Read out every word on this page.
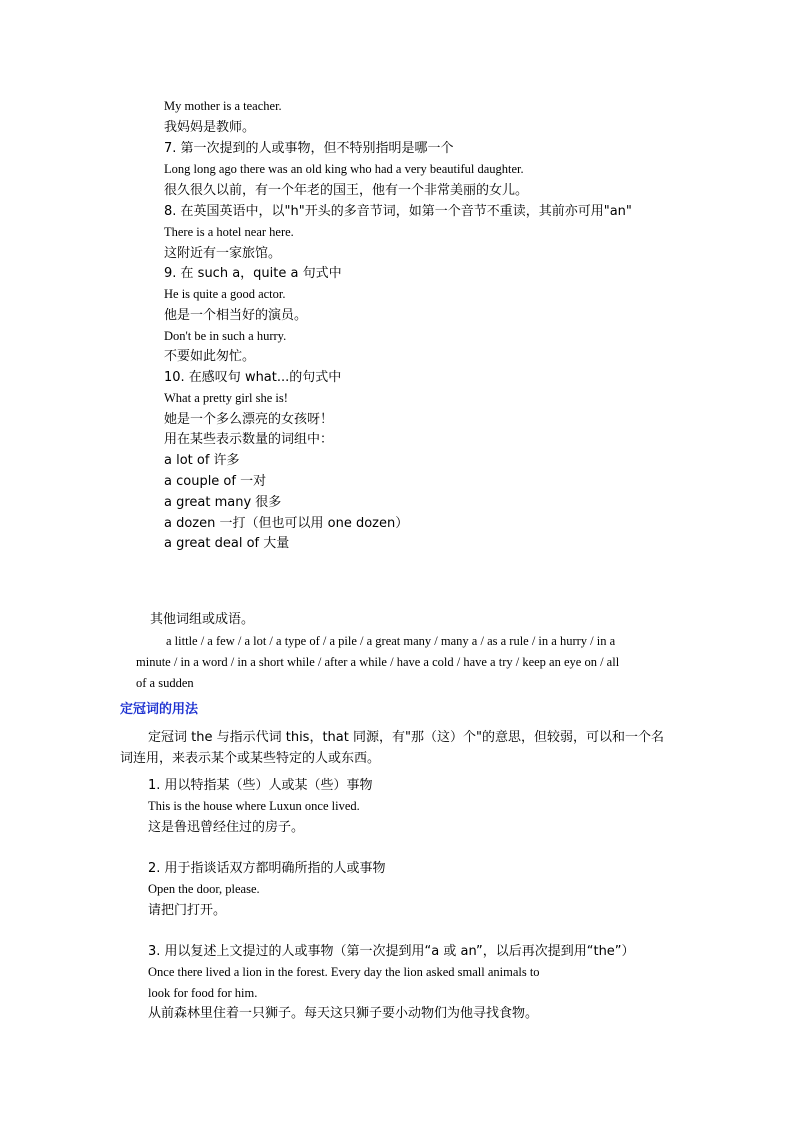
My mother is a teacher.
我妈妈是教师。
7. 第一次提到的人或事物，但不特别指明是哪一个
Long long ago there was an old king who had a very beautiful daughter.
很久很久以前，有一个年老的国王，他有一个非常美丽的女儿。
8. 在英国英语中，以"h"开头的多音节词，如第一个音节不重读，其前亦可用"an"
There is a hotel near here.
这附近有一家旅馆。
9. 在 such a，quite a 句式中
He is quite a good actor.
他是一个相当好的演员。
Don't be in such a hurry.
不要如此匆忙。
10. 在感叹句 what...的句式中
What a pretty girl she is!
她是一个多么漂亮的女孩呀！
用在某些表示数量的词组中：
a lot of 许多
a couple of 一对
a great many 很多
a dozen 一打（但也可以用 one dozen）
a great deal of 大量
其他词组或成语。
a little / a few / a lot / a type of / a pile / a great many / many a / as a rule / in a hurry / in a
minute / in a word / in a short while / after a while / have a cold / have a try / keep an eye on / all
of a sudden
定冠词的用法
定冠词 the 与指示代词 this，that 同源，有"那（这）个"的意思，但较弱，可以和一个名
词连用，来表示某个或某些特定的人或东西。
1. 用以特指某（些）人或某（些）事物
This is the house where Luxun once lived.
这是鲁迅曾经住过的房子。
2. 用于指谈话双方都明确所指的人或事物
Open the door, please.
请把门打开。
3. 用以复述上文提过的人或事物（第一次提到用“a 或 an”，以后再次提到用“the”）
Once there lived a lion in the forest. Every day the lion asked small animals to
look for food for him.
从前森林里住着一只狮子。每天这只狮子要小动物们为他寻找食物。
